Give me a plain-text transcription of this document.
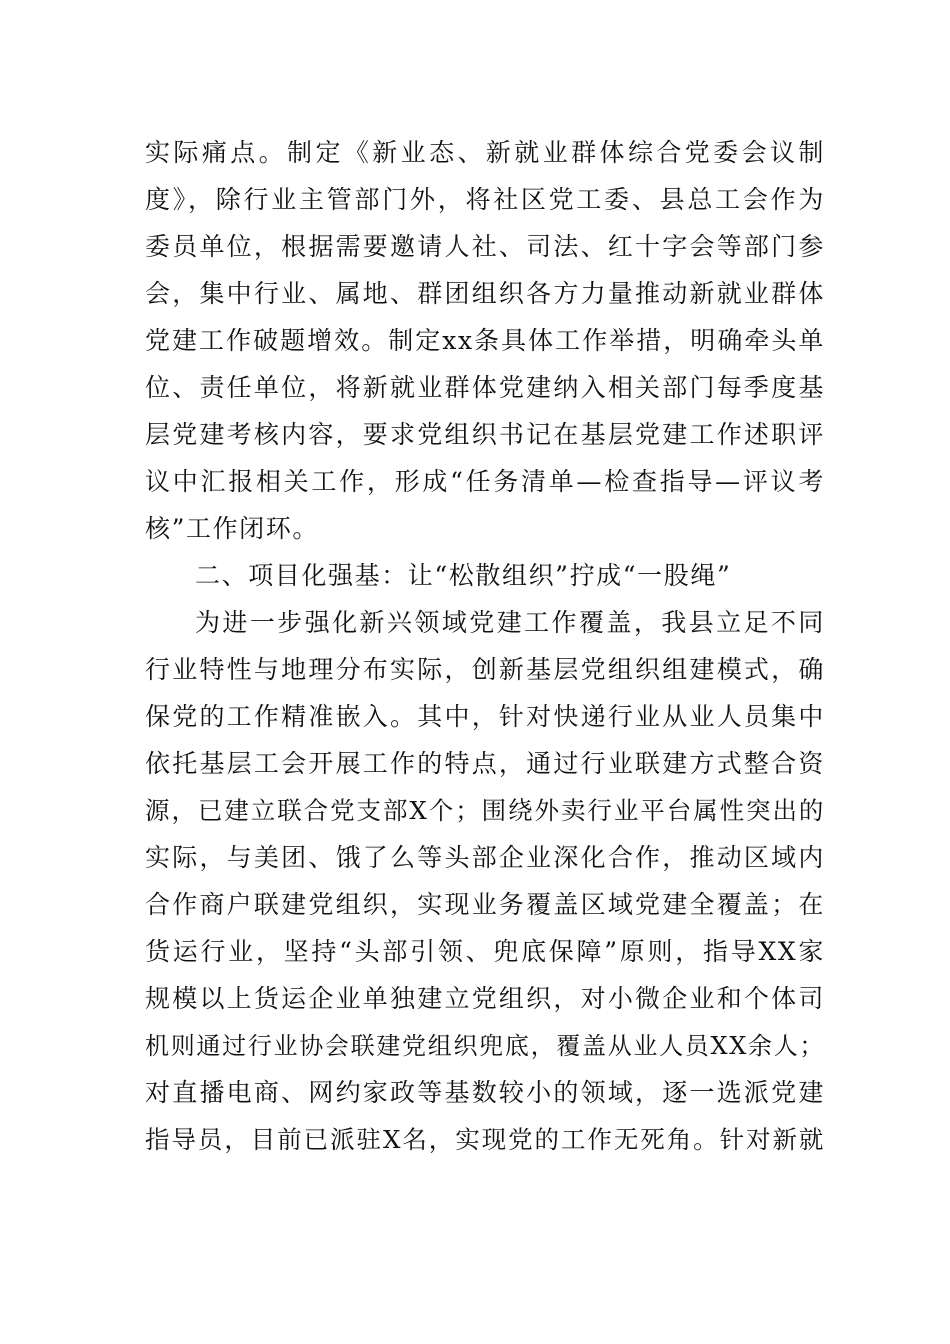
实际痛点。制定《新业态、新就业群体综合党委会议制
度》，除行业主管部门外，将社区党工委、县总工会作为
委员单位，根据需要邀请人社、司法、红十字会等部门参
会，集中行业、属地、群团组织各方力量推动新就业群体
党建工作破题增效。制定xx条具体工作举措，明确牵头单
位、责任单位，将新就业群体党建纳入相关部门每季度基
层党建考核内容，要求党组织书记在基层党建工作述职评
议中汇报相关工作，形成“任务清单—检查指导—评议考
核”工作闭环。
二、项目化强基：让“松散组织”拧成“一股绳”
为进一步强化新兴领域党建工作覆盖，我县立足不同
行业特性与地理分布实际，创新基层党组织组建模式，确
保党的工作精准嵌入。其中，针对快递行业从业人员集中
依托基层工会开展工作的特点，通过行业联建方式整合资
源，已建立联合党支部X个；围绕外卖行业平台属性突出的
实际，与美团、饿了么等头部企业深化合作，推动区域内
合作商户联建党组织，实现业务覆盖区域党建全覆盖；在
货运行业，坚持“头部引领、兜底保障”原则，指导XX家
规模以上货运企业单独建立党组织，对小微企业和个体司
机则通过行业协会联建党组织兜底，覆盖从业人员XX余人；
对直播电商、网约家政等基数较小的领域，逐一选派党建
指导员，目前已派驻X名，实现党的工作无死角。针对新就
